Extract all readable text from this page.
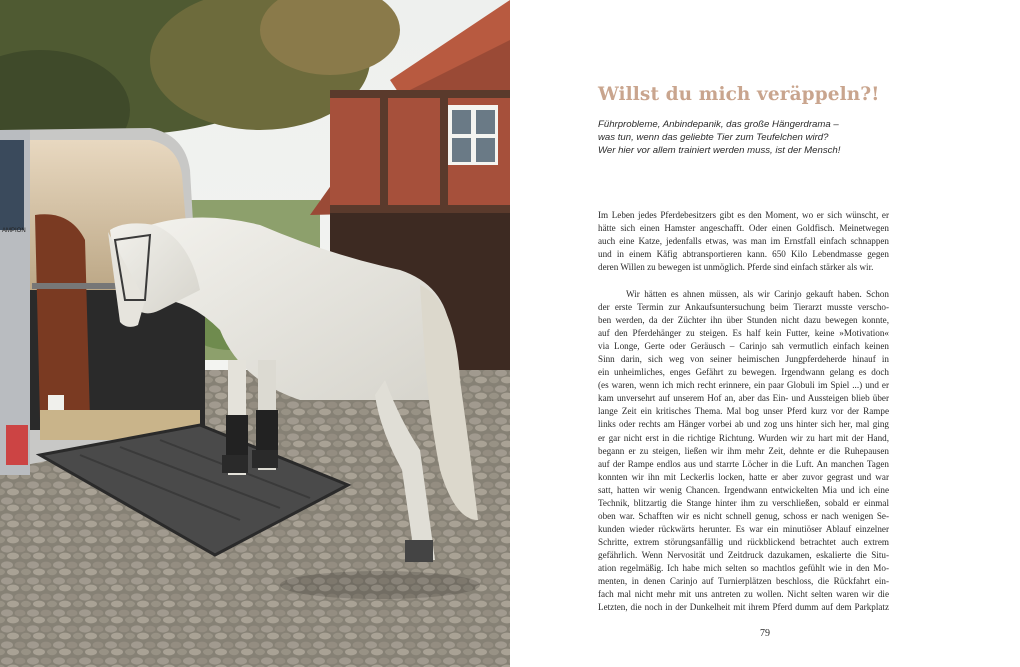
AMPION
Willst du mich veräppeln?!
Führprobleme, Anbindepanik, das große Hängerdrama –
was tun, wenn das geliebte Tier zum Teufelchen wird?
Wer hier vor allem trainiert werden muss, ist der Mensch!
Im Leben jedes Pferdebesitzers gibt es den Moment, wo er sich wünscht, er
hätte sich einen Hamster angeschafft. Oder einen Goldfisch. Meinetwegen
auch eine Katze, jedenfalls etwas, was man im Ernstfall einfach schnappen
und in einem Käfig abtransportieren kann. 650 Kilo Lebendmasse gegen
deren Willen zu bewegen ist unmöglich. Pferde sind einfach stärker als wir.
Wir hätten es ahnen müssen, als wir Carinjo gekauft haben. Schon
der erste Termin zur Ankaufsuntersuchung beim Tierarzt musste verscho-
ben werden, da der Züchter ihn über Stunden nicht dazu bewegen konnte,
auf den Pferdehänger zu steigen. Es half kein Futter, keine »Motivation«
via Longe, Gerte oder Geräusch – Carinjo sah vermutlich einfach keinen
Sinn darin, sich weg von seiner heimischen Jungpferdeherde hinauf in
ein unheimliches, enges Gefährt zu bewegen. Irgendwann gelang es doch
(es waren, wenn ich mich recht erinnere, ein paar Globuli im Spiel ...) und er
kam unversehrt auf unserem Hof an, aber das Ein- und Aussteigen blieb über
lange Zeit ein kritisches Thema. Mal bog unser Pferd kurz vor der Rampe
links oder rechts am Hänger vorbei ab und zog uns hinter sich her, mal ging
er gar nicht erst in die richtige Richtung. Wurden wir zu hart mit der Hand,
begann er zu steigen, ließen wir ihm mehr Zeit, dehnte er die Ruhepausen
auf der Rampe endlos aus und starrte Löcher in die Luft. An manchen Tagen
konnten wir ihn mit Leckerlis locken, hatte er aber zuvor gegrast und war
satt, hatten wir wenig Chancen. Irgendwann entwickelten Mia und ich eine
Technik, blitzartig die Stange hinter ihm zu verschließen, sobald er einmal
oben war. Schafften wir es nicht schnell genug, schoss er nach wenigen Se-
kunden wieder rückwärts herunter. Es war ein minutiöser Ablauf einzelner
Schritte, extrem störungsanfällig und rückblickend betrachtet auch extrem
gefährlich. Wenn Nervosität und Zeitdruck dazukamen, eskalierte die Situ-
ation regelmäßig. Ich habe mich selten so machtlos gefühlt wie in den Mo-
menten, in denen Carinjo auf Turnierplätzen beschloss, die Rückfahrt ein-
fach mal nicht mehr mit uns antreten zu wollen. Nicht selten waren wir die
Letzten, die noch in der Dunkelheit mit ihrem Pferd dumm auf dem Parkplatz
79
